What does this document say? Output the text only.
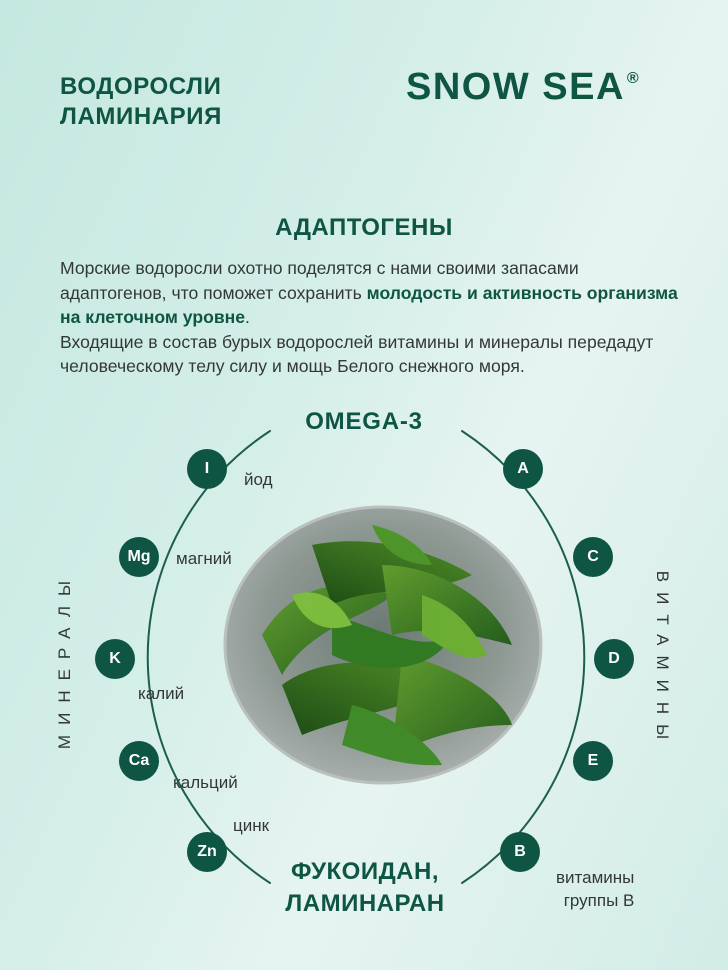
ВОДОРОСЛИ
ЛАМИНАРИЯ
SNOW SEA ®
АДАПТОГЕНЫ
Морские водоросли охотно поделятся с нами своими запасами адаптогенов, что поможет сохранить молодость и активность организма на клеточном уровне.
Входящие в состав бурых водорослей витамины и минералы передадут человеческому телу силу и мощь Белого снежного моря.
OMEGA-3
ФУКОИДАН,
ЛАМИНАРАН
МИНЕРАЛЫ	ВИТАМИНЫ
I
йод
Mg	магний
K
калий
Ca
кальций
Zn
цинк
A
C
D
E
B
витамины
группы B
